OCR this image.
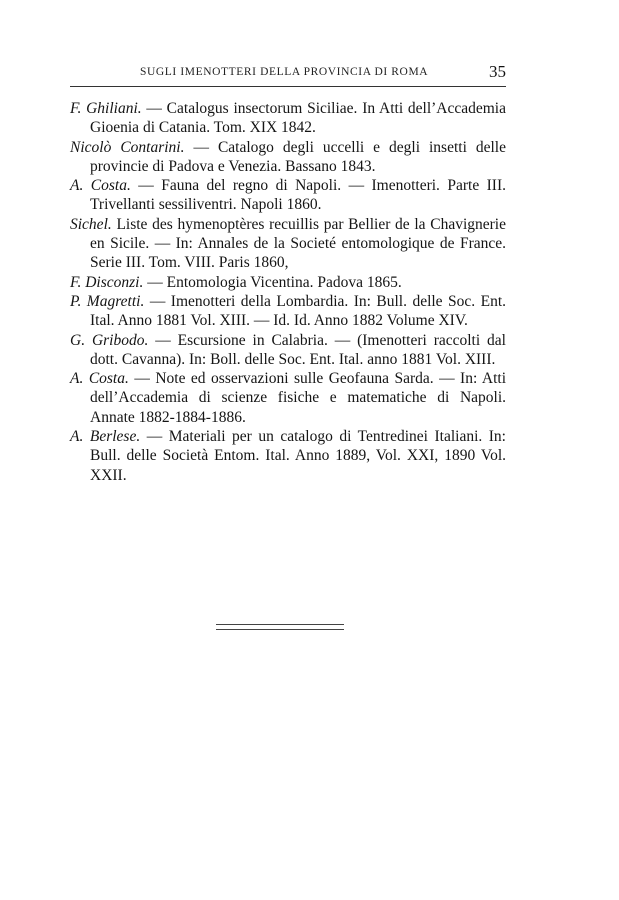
SUGLI IMENOTTERI DELLA PROVINCIA DI ROMA	35

F. Ghiliani. — Catalogus insectorum Siciliae. In Atti dell’Accademia Gioenia di Catania. Tom. XIX 1842.

Nicolò Contarini. — Catalogo degli uccelli e degli insetti delle provincie di Padova e Venezia. Bassano 1843.

A. Costa. — Fauna del regno di Napoli. — Imenotteri. Parte III. Trivellanti sessiliventri. Napoli 1860.

Sichel. Liste des hymenoptères recuillis par Bellier de la Chavignerie en Sicile. — In: Annales de la Societé entomologique de France. Serie III. Tom. VIII. Paris 1860,

F. Disconzi. — Entomologia Vicentina. Padova 1865.

P. Magretti. — Imenotteri della Lombardia. In: Bull. delle Soc. Ent. Ital. Anno 1881 Vol. XIII. — Id. Id. Anno 1882 Volume XIV.

G. Gribodo. — Escursione in Calabria. — (Imenotteri raccolti dal dott. Cavanna). In: Boll. delle Soc. Ent. Ital. anno 1881 Vol. XIII.

A. Costa. — Note ed osservazioni sulle Geofauna Sarda. — In: Atti dell’Accademia di scienze fisiche e matematiche di Napoli. Annate 1882-1884-1886.

A. Berlese. — Materiali per un catalogo di Tentredinei Italiani. In: Bull. delle Società Entom. Ital. Anno 1889, Vol. XXI, 1890 Vol. XXII.
